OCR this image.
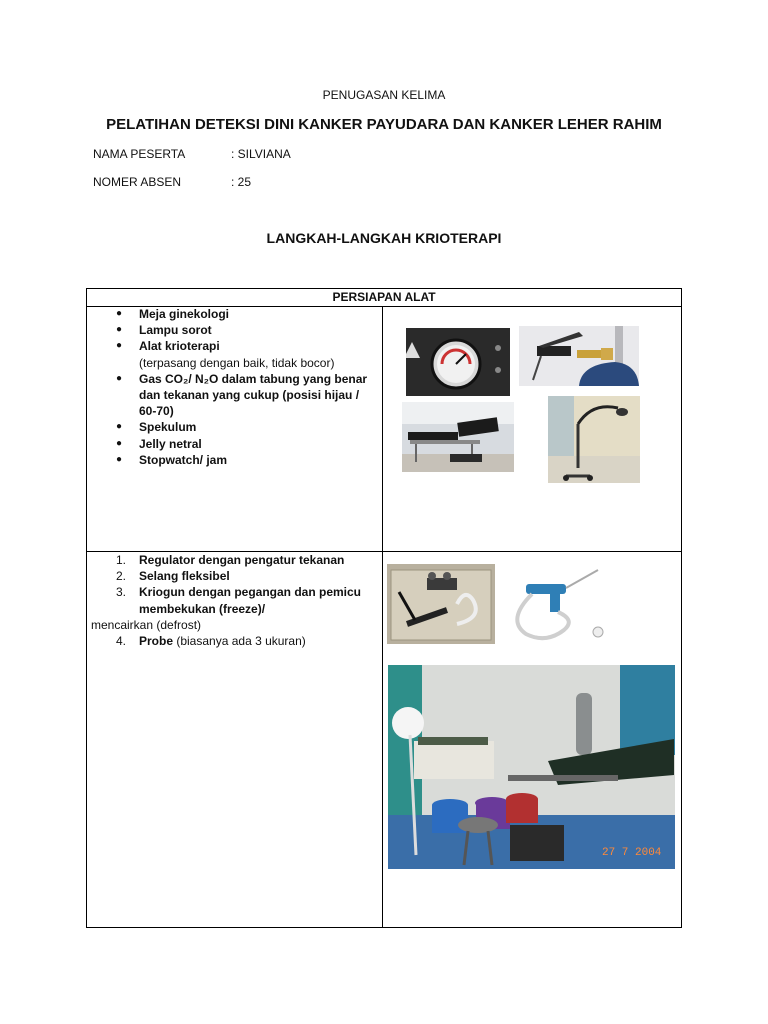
PENUGASAN KELIMA
PELATIHAN DETEKSI DINI KANKER PAYUDARA DAN KANKER LEHER RAHIM
NAMA PESERTA	: SILVIANA
NOMER ABSEN	: 25
LANGKAH-LANGKAH KRIOTERAPI
PERSIAPAN ALAT
● Meja ginekologi
● Lampu sorot
● Alat krioterapi
(terpasang dengan baik, tidak bocor)
● Gas CO₂/ N₂O dalam tabung yang benar
dan tekanan yang cukup (posisi hijau /
60-70)
● Spekulum
● Jelly netral
● Stopwatch/ jam
1. Regulator dengan pengatur tekanan
2. Selang fleksibel
3. Kriogun dengan pegangan dan pemicu
membekukan (freeze)/
mencairkan (defrost)
4. Probe (biasanya ada 3 ukuran)
27 7 2004
